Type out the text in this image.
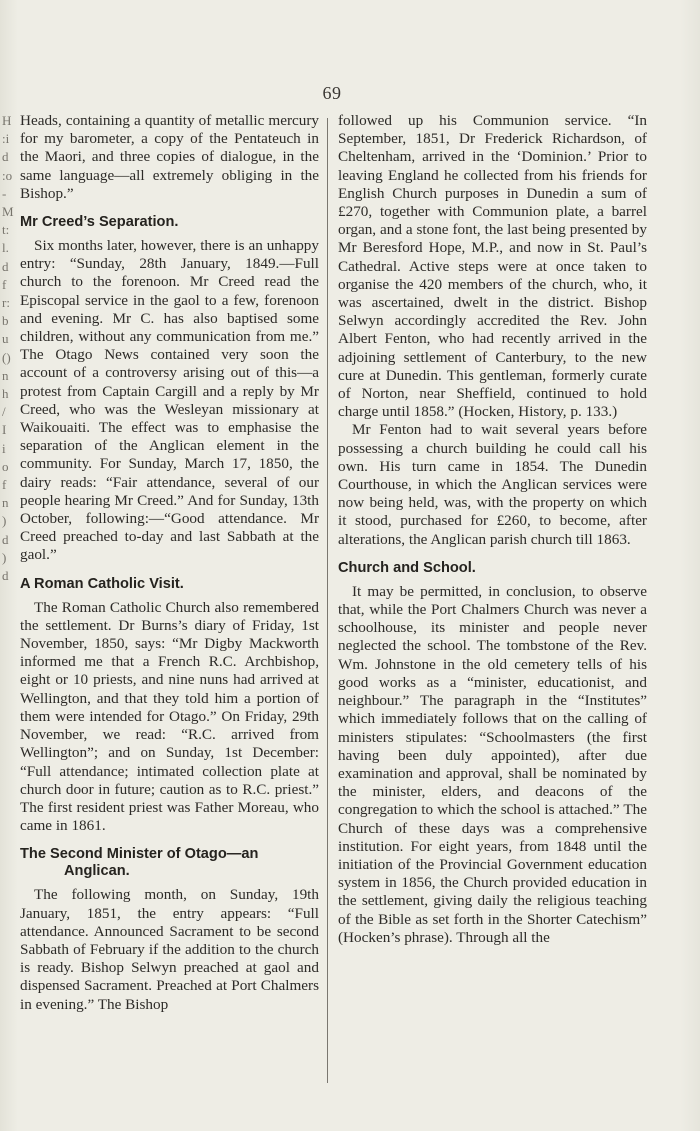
69
H
:i
d
:o
-
M
t:
l.
d
f
r:
b
u
()
n
h
/
I
i
o
f
n
)
d
)
d

Heads, containing a quantity of metallic mercury for my barometer, a copy of the Pentateuch in the Maori, and three copies of dialogue, in the same language—all extremely obliging in the Bishop.”

Mr Creed’s Separation.

Six months later, however, there is an unhappy entry: “Sunday, 28th January, 1849.—Full church to the forenoon. Mr Creed read the Episcopal service in the gaol to a few, forenoon and evening. Mr C. has also baptised some children, without any communication from me.” The Otago News contained very soon the account of a controversy arising out of this—a protest from Captain Cargill and a reply by Mr Creed, who was the Wesleyan missionary at Waikouaiti. The effect was to emphasise the separation of the Anglican element in the community. For Sunday, March 17, 1850, the dairy reads: “Fair attendance, several of our people hearing Mr Creed.” And for Sunday, 13th October, following:—“Good attendance. Mr Creed preached to-day and last Sabbath at the gaol.”

A Roman Catholic Visit.

The Roman Catholic Church also remembered the settlement. Dr Burns’s diary of Friday, 1st November, 1850, says: “Mr Digby Mackworth informed me that a French R.C. Archbishop, eight or 10 priests, and nine nuns had arrived at Wellington, and that they told him a portion of them were intended for Otago.” On Friday, 29th November, we read: “R.C. arrived from Wellington”; and on Sunday, 1st December: “Full attendance; intimated collection plate at church door in future; caution as to R.C. priest.” The first resident priest was Father Moreau, who came in 1861.

The Second Minister of Otago—an
Anglican.

The following month, on Sunday, 19th January, 1851, the entry appears: “Full attendance. Announced Sacrament to be second Sabbath of February if the addition to the church is ready. Bishop Selwyn preached at gaol and dispensed Sacrament. Preached at Port Chalmers in evening.” The Bishop

followed up his Communion service. “In September, 1851, Dr Frederick Richardson, of Cheltenham, arrived in the ‘Dominion.’ Prior to leaving England he collected from his friends for English Church purposes in Dunedin a sum of £270, together with Communion plate, a barrel organ, and a stone font, the last being presented by Mr Beresford Hope, M.P., and now in St. Paul’s Cathedral. Active steps were at once taken to organise the 420 members of the church, who, it was ascertained, dwelt in the district. Bishop Selwyn accordingly accredited the Rev. John Albert Fenton, who had recently arrived in the adjoining settlement of Canterbury, to the new cure at Dunedin. This gentleman, formerly curate of Norton, near Sheffield, continued to hold charge until 1858.” (Hocken, History, p. 133.)

Mr Fenton had to wait several years before possessing a church building he could call his own. His turn came in 1854. The Dunedin Courthouse, in which the Anglican services were now being held, was, with the property on which it stood, purchased for £260, to become, after alterations, the Anglican parish church till 1863.

Church and School.

It may be permitted, in conclusion, to observe that, while the Port Chalmers Church was never a schoolhouse, its minister and people never neglected the school. The tombstone of the Rev. Wm. Johnstone in the old cemetery tells of his good works as a “minister, educationist, and neighbour.” The paragraph in the “Institutes” which immediately follows that on the calling of ministers stipulates: “Schoolmasters (the first having been duly appointed), after due examination and approval, shall be nominated by the minister, elders, and deacons of the congregation to which the school is attached.” The Church of these days was a comprehensive institution. For eight years, from 1848 until the initiation of the Provincial Government education system in 1856, the Church provided education in the settlement, giving daily the religious teaching of the Bible as set forth in the Shorter Catechism” (Hocken’s phrase). Through all the
